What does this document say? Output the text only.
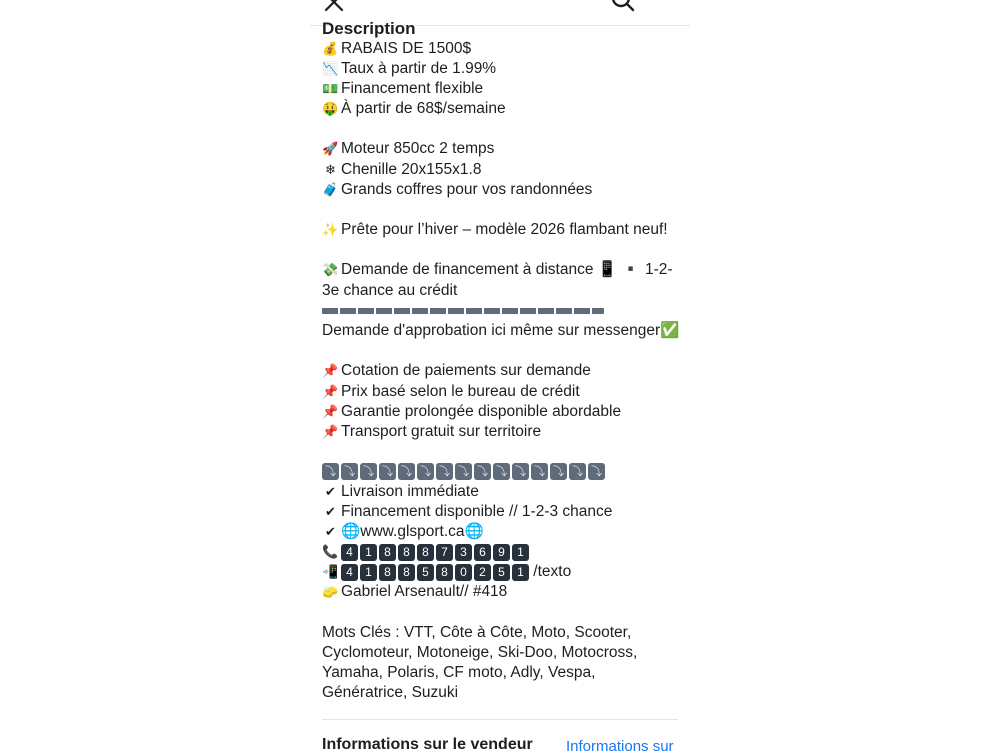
Description
💰 RABAIS DE 1500$
📉 Taux à partir de 1.99%
💵 Financement flexible
🤑 À partir de 68$/semaine
🚀 Moteur 850cc 2 temps
❄ Chenille 20x155x1.8
🧳 Grands coffres pour vos randonnées
✨ Prête pour l’hiver – modèle 2026 flambant neuf!
💸 Demande de financement à distance 📱 ▪️ 1-2-3e chance au crédit
Demande d'approbation ici même sur messenger✅
📌 Cotation de paiements sur demande
📌 Prix basé selon le bureau de crédit
📌 Garantie prolongée disponible abordable
📌 Transport gratuit sur territoire
⤵ ⤵ ⤵ ⤵ ⤵ ⤵ ⤵ ⤵ ⤵ ⤵ ⤵ ⤵ ⤵ ⤵ ⤵
✔ Livraison immédiate
✔ Financement disponible // 1-2-3 chance
✔ 🌐www.glsport.ca🌐
📞 4	1	8	8	8	7	3	6	9	1
📲 4	1	8	8	5	8	0	2	5	1 /texto
🧽 Gabriel Arsenault// #418
Mots Clés : VTT, Côte à Côte, Moto, Scooter, Cyclomoteur, Motoneige, Ski-Doo, Motocross, Yamaha, Polaris, CF moto, Adly, Vespa, Génératrice, Suzuki
Informations sur le vendeur Informations sur
